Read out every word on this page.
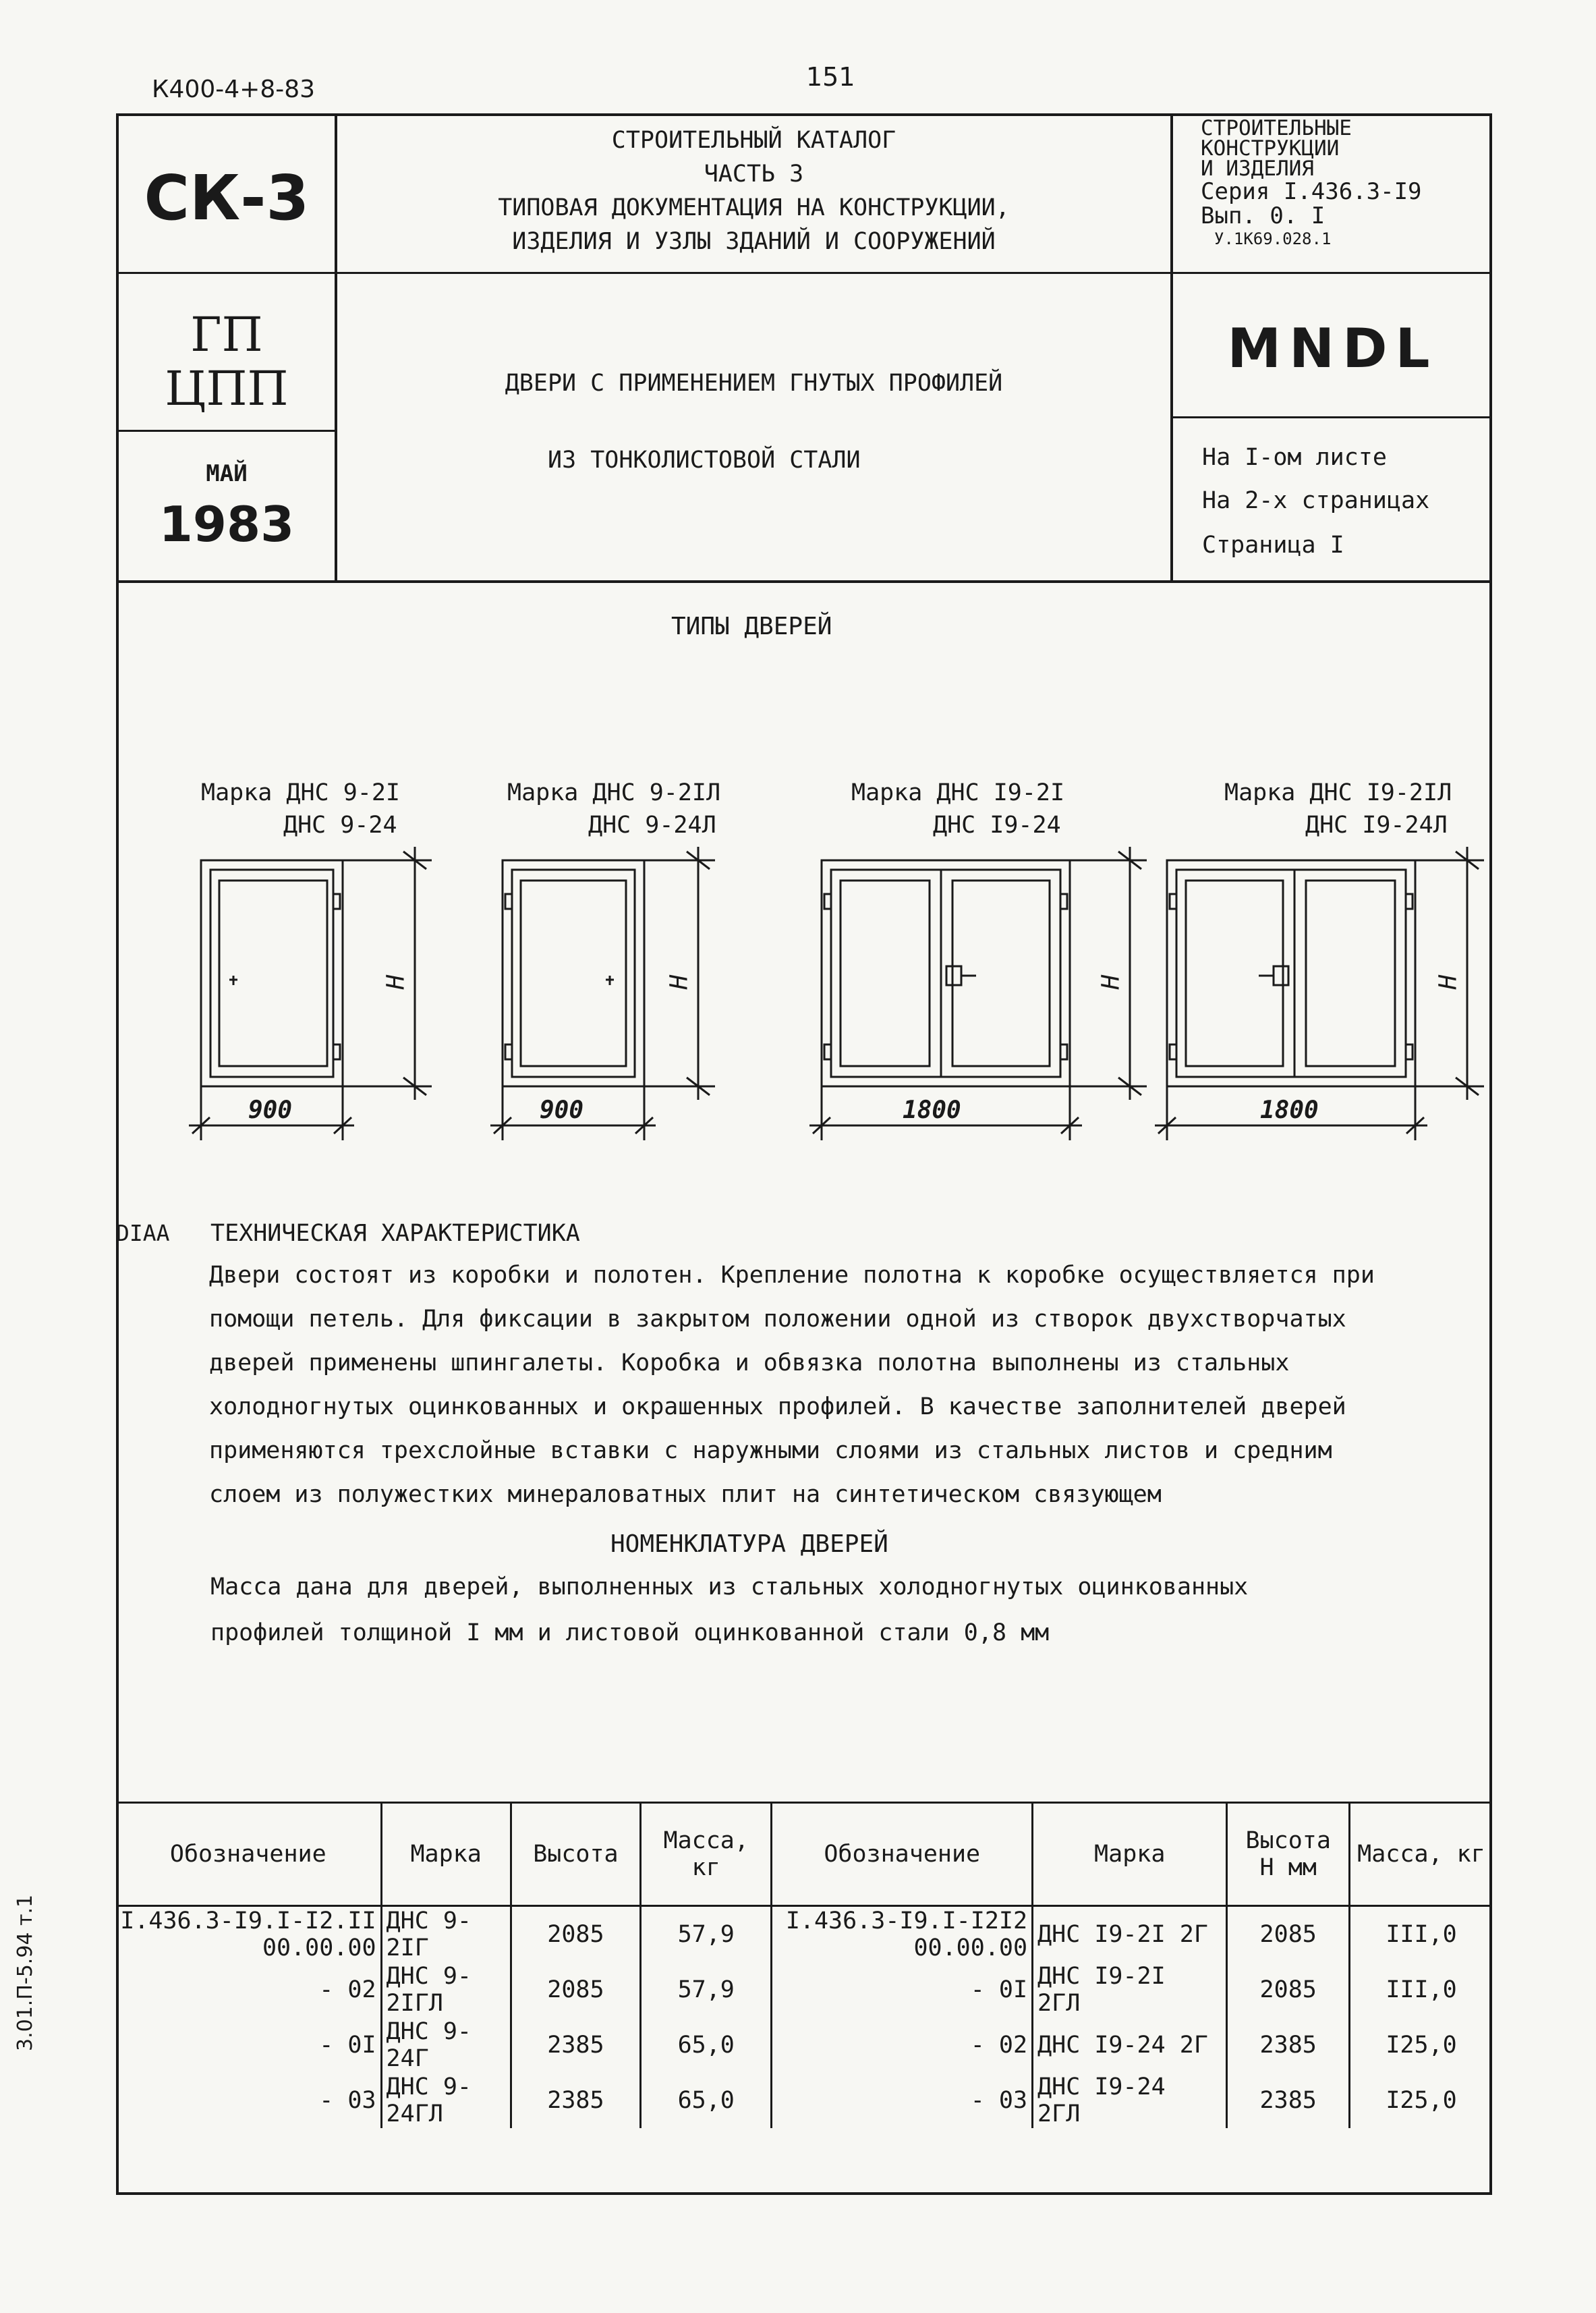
К400-4+8-83	151
СК-3
ГП
ЦПП
МАЙ
1983
СТРОИТЕЛЬНЫЙ КАТАЛОГ
ЧАСТЬ 3
ТИПОВАЯ ДОКУМЕНТАЦИЯ НА КОНСТРУКЦИИ,
ИЗДЕЛИЯ И УЗЛЫ ЗДАНИЙ И СООРУЖЕНИЙ
СТРОИТЕЛЬНЫЕ
КОНСТРУКЦИИ
И ИЗДЕЛИЯ
Серия I.436.3-I9
Вып. 0. I
У.1К69.028.1
ДВЕРИ С ПРИМЕНЕНИЕМ ГНУТЫХ ПРОФИЛЕЙ
ИЗ ТОНКОЛИСТОВОЙ СТАЛИ
MNDL
На I-ом листе
На 2-х страницах
Страница I
ТИПЫ ДВЕРЕЙ
Марка ДНС 9-2I
ДНС 9-24
Марка ДНС 9-2IЛ
ДНС 9-24Л
Марка ДНС I9-2I
ДНС I9-24
Марка ДНС I9-2IЛ
ДНС I9-24Л
900	900	1800	1800
H	H	H	H
DIAA ТЕХНИЧЕСКАЯ ХАРАКТЕРИСТИКА
Двери состоят из коробки и полотен. Крепление полотна к коробке осуществляется при
помощи петель. Для фиксации в закрытом положении одной из створок двухстворчатых
дверей применены шпингалеты. Коробка и обвязка полотна выполнены из стальных
холодногнутых оцинкованных и окрашенных профилей. В качестве заполнителей дверей
применяются трехслойные вставки с наружными слоями из стальных листов и средним
слоем из полужестких минераловатных плит на синтетическом связующем
НОМЕНКЛАТУРА ДВЕРЕЙ
Масса дана для дверей, выполненных из стальных холодногнутых оцинкованных
профилей толщиной I мм и листовой оцинкованной стали 0,8 мм
Обозначение	Марка	Высота	Масса, кг	Обозначение	Марка	Высота H мм	Масса, кг
I.436.3-I9.I-I2.II 00.00.00	ДНС 9-2IГ	2085	57,9	I.436.3-I9.I-I2I2 00.00.00	ДНС I9-2I 2Г	2085	III,0
- 02	ДНС 9-2IГЛ	2085	57,9	- 0I	ДНС I9-2I 2ГЛ	2085	III,0
- 0I	ДНС 9-24Г	2385	65,0	- 02	ДНС I9-24 2Г	2385	I25,0
- 03	ДНС 9-24ГЛ	2385	65,0	- 03	ДНС I9-24 2ГЛ	2385	I25,0
3.01.П-5.94 т.1
